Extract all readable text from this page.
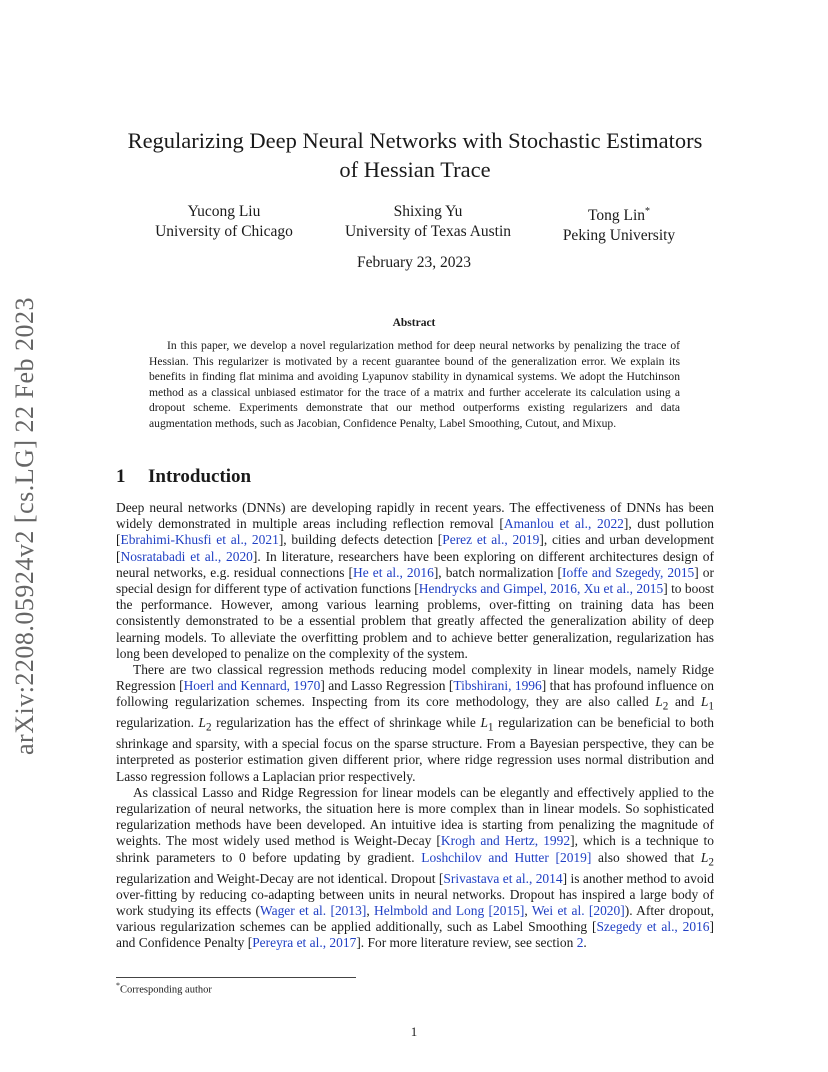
arXiv:2208.05924v2 [cs.LG] 22 Feb 2023
Regularizing Deep Neural Networks with Stochastic Estimators
of Hessian Trace
Yucong Liu
University of Chicago
Shixing Yu
University of Texas Austin
Tong Lin*
Peking University
February 23, 2023
Abstract
In this paper, we develop a novel regularization method for deep neural networks by penalizing the trace of Hessian. This regularizer is motivated by a recent guarantee bound of the generalization error. We explain its benefits in finding flat minima and avoiding Lyapunov stability in dynamical systems. We adopt the Hutchinson method as a classical unbiased estimator for the trace of a matrix and further accelerate its calculation using a dropout scheme. Experiments demonstrate that our method outperforms existing regularizers and data augmentation methods, such as Jacobian, Confidence Penalty, Label Smoothing, Cutout, and Mixup.
1 Introduction

Deep neural networks (DNNs) are developing rapidly in recent years. The effectiveness of DNNs has been widely demonstrated in multiple areas including reflection removal [Amanlou et al., 2022], dust pollution [Ebrahimi-Khusfi et al., 2021], building defects detection [Perez et al., 2019], cities and urban development [Nosratabadi et al., 2020]. In literature, researchers have been exploring on different architectures design of neural networks, e.g. residual connections [He et al., 2016], batch normalization [Ioffe and Szegedy, 2015] or special design for different type of activation functions [Hendrycks and Gimpel, 2016, Xu et al., 2015] to boost the performance. However, among various learning problems, over-fitting on training data has been consistently demonstrated to be a essential problem that greatly affected the generalization ability of deep learning models. To alleviate the overfitting problem and to achieve better generalization, regularization has long been developed to penalize on the complexity of the system.

There are two classical regression methods reducing model complexity in linear models, namely Ridge Regression [Hoerl and Kennard, 1970] and Lasso Regression [Tibshirani, 1996] that has profound influence on following regularization schemes. Inspecting from its core methodology, they are also called $L_2$ and $L_1$ regularization. $L_2$ regularization has the effect of shrinkage while $L_1$ regularization can be beneficial to both shrinkage and sparsity, with a special focus on the sparse structure. From a Bayesian perspective, they can be interpreted as posterior estimation given different prior, where ridge regression uses normal distribution and Lasso regression follows a Laplacian prior respectively.

As classical Lasso and Ridge Regression for linear models can be elegantly and effectively applied to the regularization of neural networks, the situation here is more complex than in linear models. So sophisticated regularization methods have been developed. An intuitive idea is starting from penalizing the magnitude of weights. The most widely used method is Weight-Decay [Krogh and Hertz, 1992], which is a technique to shrink parameters to 0 before updating by gradient. Loshchilov and Hutter [2019] also showed that $L_2$ regularization and Weight-Decay are not identical. Dropout [Srivastava et al., 2014] is another method to avoid over-fitting by reducing co-adapting between units in neural networks. Dropout has inspired a large body of work studying its effects (Wager et al. [2013], Helmbold and Long [2015], Wei et al. [2020]). After dropout, various regularization schemes can be applied additionally, such as Label Smoothing [Szegedy et al., 2016] and Confidence Penalty [Pereyra et al., 2017]. For more literature review, see section 2.

*Corresponding author
1
